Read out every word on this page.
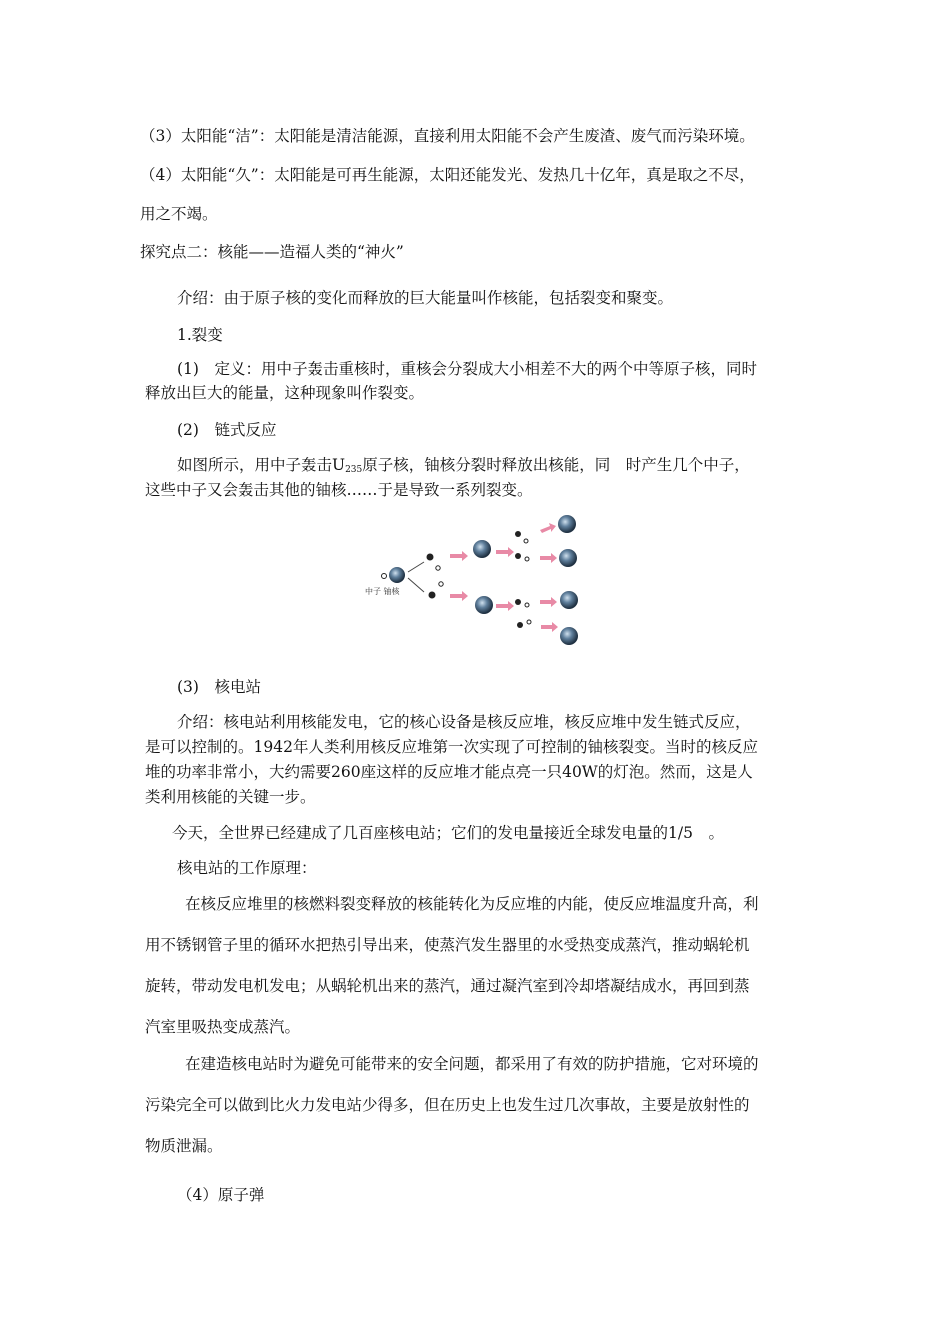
（3）太阳能“洁”：太阳能是清洁能源，直接利用太阳能不会产生废渣、废气而污染环境。
（4）太阳能“久”：太阳能是可再生能源，太阳还能发光、发热几十亿年，真是取之不尽，
用之不竭。
探究点二：核能——造福人类的“神火”
介绍：由于原子核的变化而释放的巨大能量叫作核能，包括裂变和聚变。
1.裂变
(1)　定义：用中子轰击重核时，重核会分裂成大小相差不大的两个中等原子核，同时
释放出巨大的能量，这种现象叫作裂变。
(2)　链式反应
如图所示，用中子轰击$U_{235}$原子核，铀核分裂时释放出核能，同　时产生几个中子，
这些中子又会轰击其他的铀核……于是导致一系列裂变。
中子 铀核
(3)　核电站
介绍：核电站利用核能发电，它的核心设备是核反应堆，核反应堆中发生链式反应，
是可以控制的。1942年人类利用核反应堆第一次实现了可控制的铀核裂变。当时的核反应
堆的功率非常小，大约需要260座这样的反应堆才能点亮一只40W的灯泡。然而，这是人
类利用核能的关键一步。
今天，全世界已经建成了几百座核电站；它们的发电量接近全球发电量的1/5　。
核电站的工作原理：
在核反应堆里的核燃料裂变释放的核能转化为反应堆的内能，使反应堆温度升高，利
用不锈钢管子里的循环水把热引导出来，使蒸汽发生器里的水受热变成蒸汽，推动蜗轮机
旋转，带动发电机发电；从蜗轮机出来的蒸汽，通过凝汽室到冷却塔凝结成水，再回到蒸
汽室里吸热变成蒸汽。
在建造核电站时为避免可能带来的安全问题，都采用了有效的防护措施，它对环境的
污染完全可以做到比火力发电站少得多，但在历史上也发生过几次事故，主要是放射性的
物质泄漏。
（4）原子弹
